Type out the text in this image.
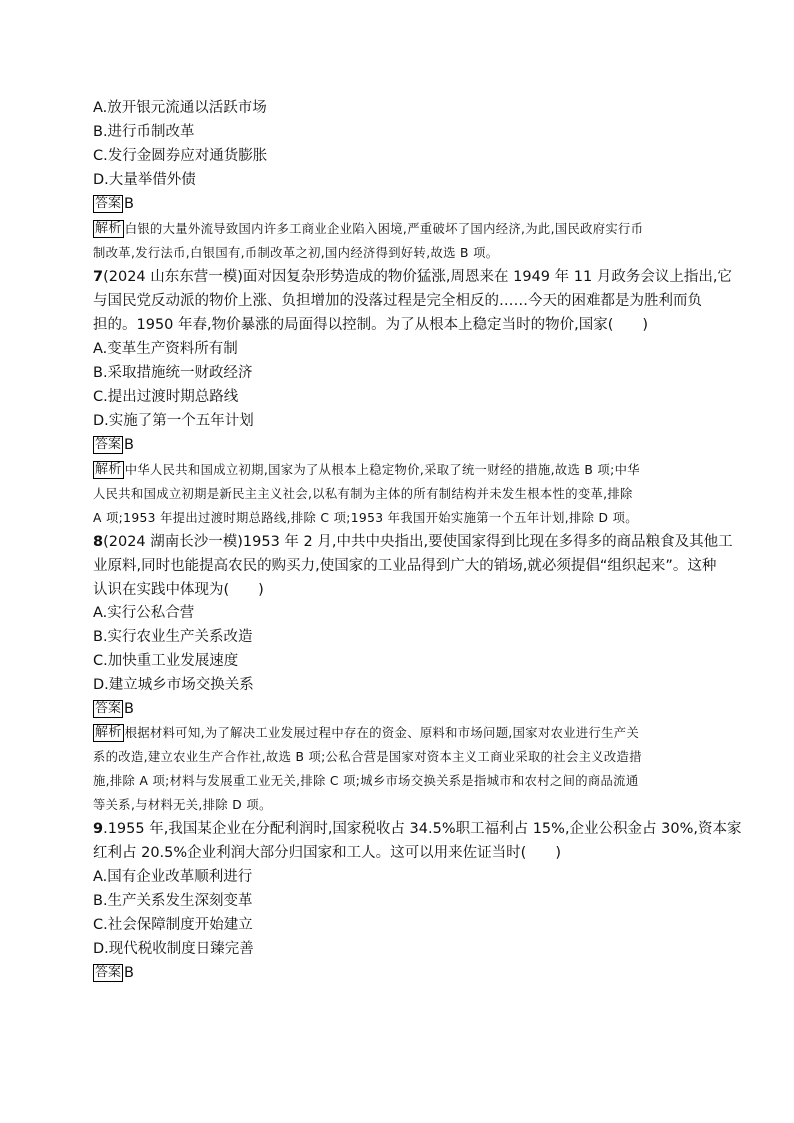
A.放开银元流通以活跃市场
B.进行币制改革
C.发行金圆券应对通货膨胀
D.大量举借外债
答案 B
解析 白银的大量外流导致国内许多工商业企业陷入困境,严重破坏了国内经济,为此,国民政府实行币
制改革,发行法币,白银国有,币制改革之初,国内经济得到好转,故选 B 项。
7(2024 山东东营一模)面对因复杂形势造成的物价猛涨,周恩来在 1949 年 11 月政务会议上指出,它
与国民党反动派的物价上涨、负担增加的没落过程是完全相反的……今天的困难都是为胜利而负
担的。1950 年春,物价暴涨的局面得以控制。为了从根本上稳定当时的物价,国家(　　)
A.变革生产资料所有制
B.采取措施统一财政经济
C.提出过渡时期总路线
D.实施了第一个五年计划
答案 B
解析 中华人民共和国成立初期,国家为了从根本上稳定物价,采取了统一财经的措施,故选 B 项;中华
人民共和国成立初期是新民主主义社会,以私有制为主体的所有制结构并未发生根本性的变革,排除
A 项;1953 年提出过渡时期总路线,排除 C 项;1953 年我国开始实施第一个五年计划,排除 D 项。
8(2024 湖南长沙一模)1953 年 2 月,中共中央指出,要使国家得到比现在多得多的商品粮食及其他工
业原料,同时也能提高农民的购买力,使国家的工业品得到广大的销场,就必须提倡“组织起来”。这种
认识在实践中体现为(　　)
A.实行公私合营
B.实行农业生产关系改造
C.加快重工业发展速度
D.建立城乡市场交换关系
答案 B
解析 根据材料可知,为了解决工业发展过程中存在的资金、原料和市场问题,国家对农业进行生产关
系的改造,建立农业生产合作社,故选 B 项;公私合营是国家对资本主义工商业采取的社会主义改造措
施,排除 A 项;材料与发展重工业无关,排除 C 项;城乡市场交换关系是指城市和农村之间的商品流通
等关系,与材料无关,排除 D 项。
9.1955 年,我国某企业在分配利润时,国家税收占 34.5%职工福利占 15%,企业公积金占 30%,资本家
红利占 20.5%企业利润大部分归国家和工人。这可以用来佐证当时(　　)
A.国有企业改革顺利进行
B.生产关系发生深刻变革
C.社会保障制度开始建立
D.现代税收制度日臻完善
答案 B
